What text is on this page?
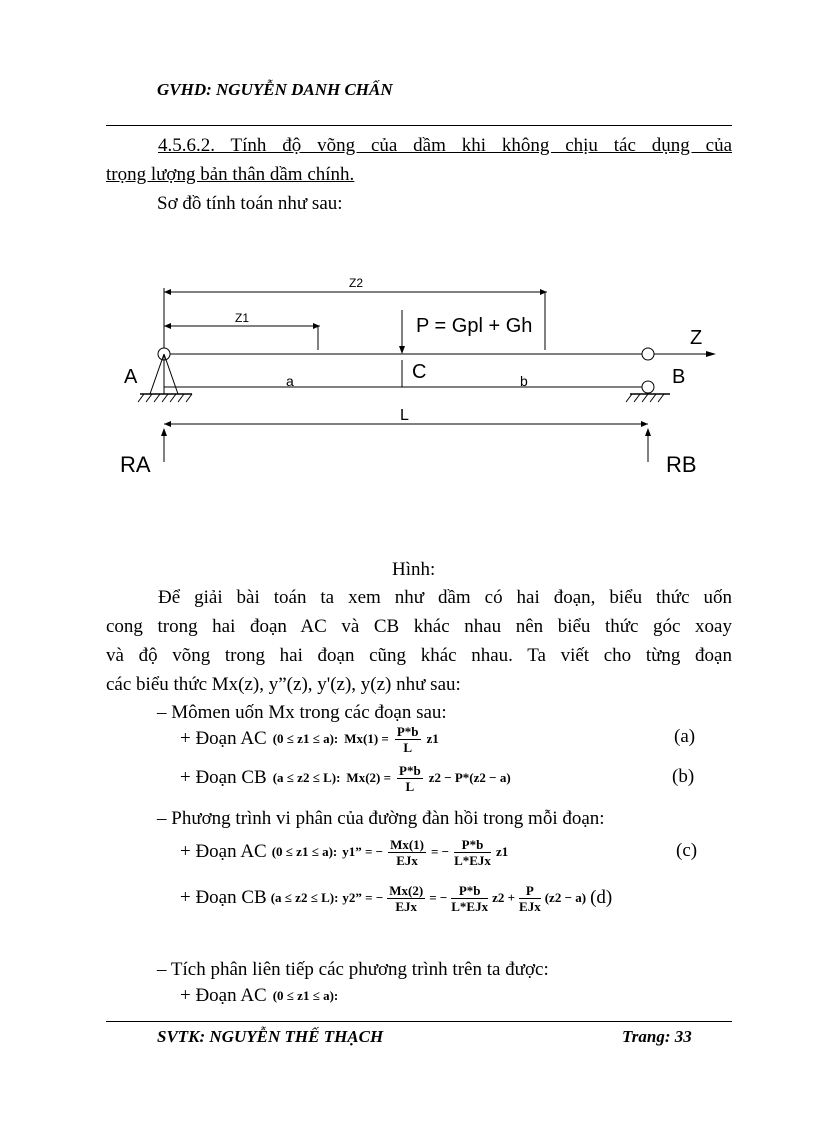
GVHD: NGUYỄN DANH CHẤN
4.5.6.2. Tính độ võng của dầm khi không chịu tác dụng của
trọng lượng bản thân dầm chính.
Sơ đồ tính toán như sau:
Z2
Z1	P = Gpl + Gh
Z
A	B
C
a	b
L
RA	RB
Hình:
Để giải bài toán ta xem như dầm có hai đoạn, biểu thức uốn
cong trong hai đoạn AC và CB khác nhau nên biểu thức góc xoay
và độ võng trong hai đoạn cũng khác nhau. Ta viết cho từng đoạn
các biểu thức Mx(z), y”(z), y'(z), y(z) như sau:
– Mômen uốn Mx trong các đoạn sau:
+ Đoạn AC (0 ≤ z1 ≤ a): $Mx(1) = \frac{P*b}{L} z1$	(a)
+ Đoạn CB (a ≤ z2 ≤ L): $Mx(2) = \frac{P*b}{L} z2 - P*(z2 - a)$	(b)
– Phương trình vi phân của đường đàn hồi trong mỗi đoạn:
+ Đoạn AC (0 ≤ z1 ≤ a): y1” = − $\frac{Mx(1)}{\text{EJx}}$ = − $\frac{P*b}{\text{L*EJx}} z1$	(c)
+ Đoạn CB (a ≤ z2 ≤ L): y2” = − $\frac{Mx(2)}{\text{EJx}}$ = − $\frac{P*b}{\text{L*EJx}} z2 + \frac{P}{\text{EJx}} (z2 - a)$ (d)
– Tích phân liên tiếp các phương trình trên ta được:
+ Đoạn AC (0 ≤ z1 ≤ a):
SVTK: NGUYỄN THẾ THẠCH	Trang: 33
